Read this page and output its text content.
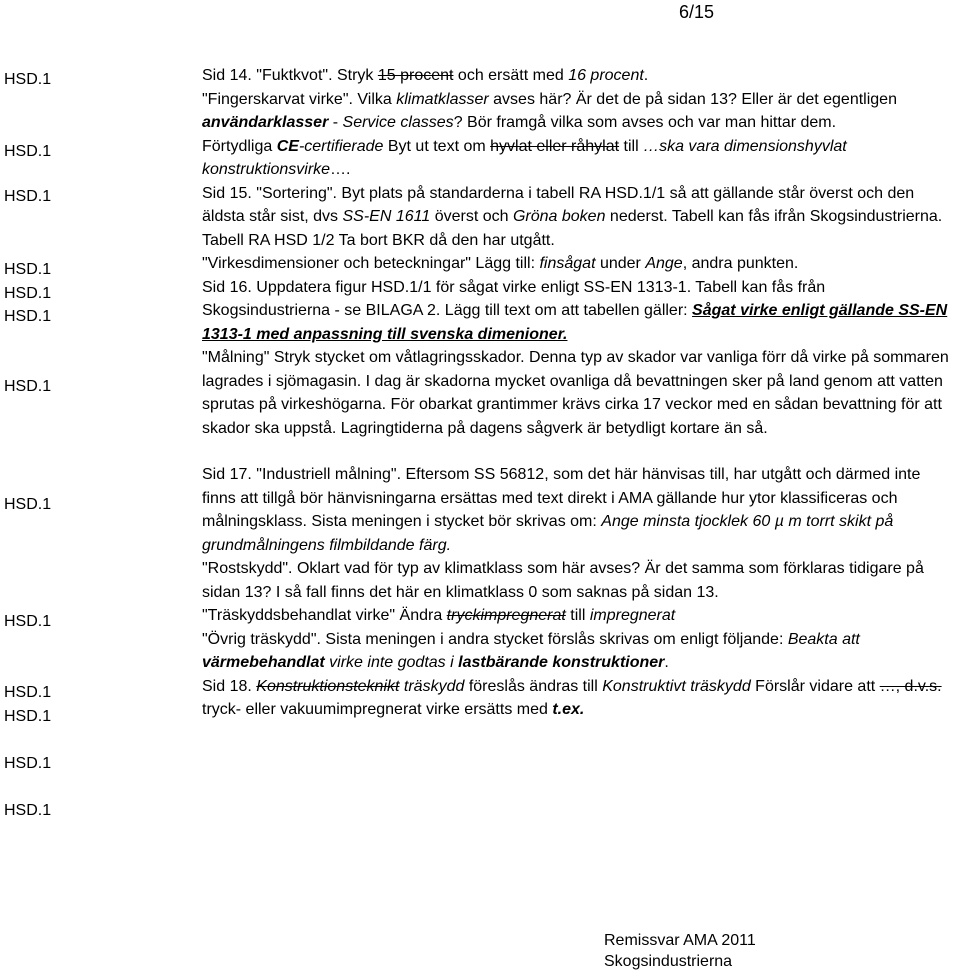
6/15
HSD.1
HSD.1
HSD.1
HSD.1
HSD.1
HSD.1
HSD.1
HSD.1
HSD.1
HSD.1
HSD.1
HSD.1
HSD.1
Sid 14. "Fuktkvot". Stryk 15 procent och ersätt med 16 procent.
"Fingerskarvat virke". Vilka klimatklasser avses här? Är det de på sidan 13? Eller är det egentligen användarklasser - Service classes? Bör framgå vilka som avses och var man hittar dem.
Förtydliga CE-certifierade Byt ut text om hyvlat eller råhylat till …ska vara dimensionshyvlat konstruktionsvirke….
Sid 15. "Sortering". Byt plats på standarderna i tabell RA HSD.1/1 så att gällande står överst och den äldsta står sist, dvs SS-EN 1611 överst och Gröna boken nederst. Tabell kan fås ifrån Skogsindustrierna.
Tabell RA HSD 1/2 Ta bort BKR då den har utgått.
"Virkesdimensioner och beteckningar" Lägg till: finsågat under Ange, andra punkten.
Sid 16. Uppdatera figur HSD.1/1 för sågat virke enligt SS-EN 1313-1. Tabell kan fås från Skogsindustrierna - se BILAGA 2. Lägg till text om att tabellen gäller: Sågat virke enligt gällande SS-EN 1313-1 med anpassning till svenska dimenioner.
"Målning" Stryk stycket om våtlagringsskador. Denna typ av skador var vanliga förr då virke på sommaren lagrades i sjömagasin. I dag är skadorna mycket ovanliga då bevattningen sker på land genom att vatten sprutas på virkeshögarna. För obarkat grantimmer krävs cirka 17 veckor med en sådan bevattning för att skador ska uppstå. Lagringtiderna på dagens sågverk är betydligt kortare än så.
Sid 17. "Industriell målning". Eftersom SS 56812, som det här hänvisas till, har utgått och därmed inte finns att tillgå bör hänvisningarna ersättas med text direkt i AMA gällande hur ytor klassificeras och målningsklass. Sista meningen i stycket bör skrivas om: Ange minsta tjocklek 60 µ m torrt skikt på grundmålningens filmbildande färg.
"Rostskydd". Oklart vad för typ av klimatklass som här avses? Är det samma som förklaras tidigare på sidan 13? I så fall finns det här en klimatklass 0 som saknas på sidan 13.
"Träskyddsbehandlat virke" Ändra tryckimpregnerat till impregnerat
"Övrig träskydd". Sista meningen i andra stycket förslås skrivas om enligt följande: Beakta att värmebehandlat virke inte godtas i lastbärande konstruktioner.
Sid 18. Konstruktionsteknikt träskydd föreslås ändras till Konstruktivt träskydd Förslår vidare att …, d.v.s. tryck- eller vakuumimpregnerat virke ersätts med t.ex.
Remissvar AMA 2011
Skogsindustrierna
